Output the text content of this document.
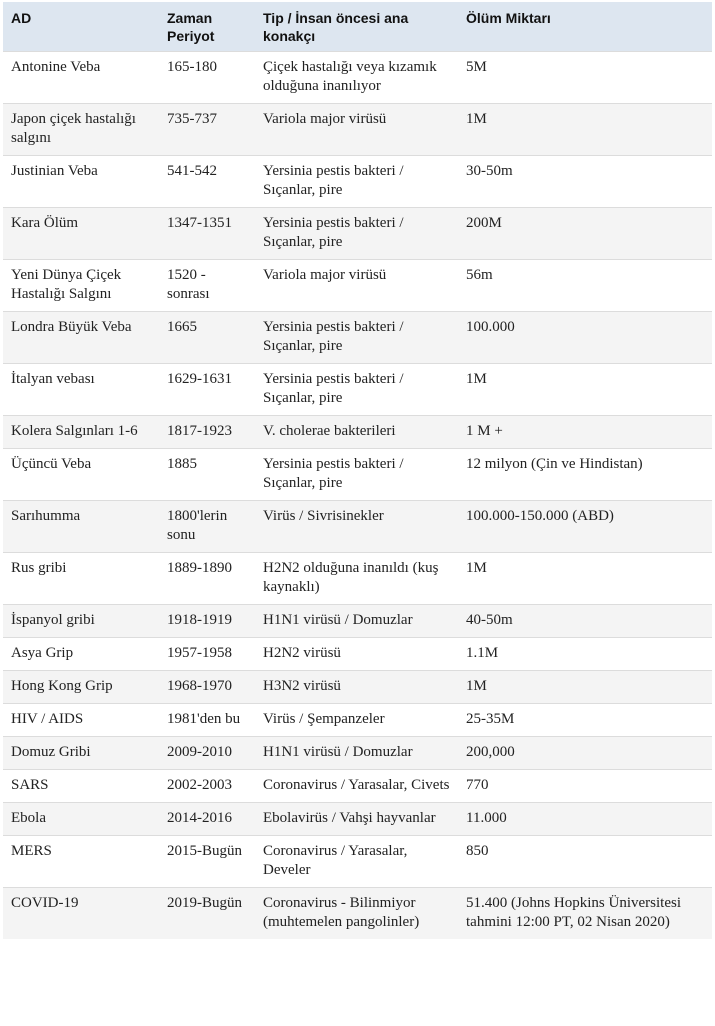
AD	Zaman Periyot	Tip / İnsan öncesi ana konakçı	Ölüm Miktarı
Antonine Veba	165-180	Çiçek hastalığı veya kızamık olduğuna inanılıyor	5M
Japon çiçek hastalığı salgını	735-737	Variola major virüsü	1M
Justinian Veba	541-542	Yersinia pestis bakteri / Sıçanlar, pire	30-50m
Kara Ölüm	1347-1351	Yersinia pestis bakteri / Sıçanlar, pire	200M
Yeni Dünya Çiçek Hastalığı Salgını	1520 - sonrası	Variola major virüsü	56m
Londra Büyük Veba	1665	Yersinia pestis bakteri / Sıçanlar, pire	100.000
İtalyan vebası	1629-1631	Yersinia pestis bakteri / Sıçanlar, pire	1M
Kolera Salgınları 1-6	1817-1923	V. cholerae bakterileri	1 M +
Üçüncü Veba	1885	Yersinia pestis bakteri / Sıçanlar, pire	12 milyon (Çin ve Hindistan)
Sarıhumma	1800'lerin sonu	Virüs / Sivrisinekler	100.000-150.000 (ABD)
Rus gribi	1889-1890	H2N2 olduğuna inanıldı (kuş kaynaklı)	1M
İspanyol gribi	1918-1919	H1N1 virüsü / Domuzlar	40-50m
Asya Grip	1957-1958	H2N2 virüsü	1.1M
Hong Kong Grip	1968-1970	H3N2 virüsü	1M
HIV / AIDS	1981'den bu	Virüs / Şempanzeler	25-35M
Domuz Gribi	2009-2010	H1N1 virüsü / Domuzlar	200,000
SARS	2002-2003	Coronavirus / Yarasalar, Civets	770
Ebola	2014-2016	Ebolavirüs / Vahşi hayvanlar	11.000
MERS	2015-Bugün	Coronavirus / Yarasalar, Develer	850
COVID-19	2019-Bugün	Coronavirus - Bilinmiyor (muhtemelen pangolinler)	51.400 (Johns Hopkins Üniversitesi tahmini 12:00 PT, 02 Nisan 2020)
